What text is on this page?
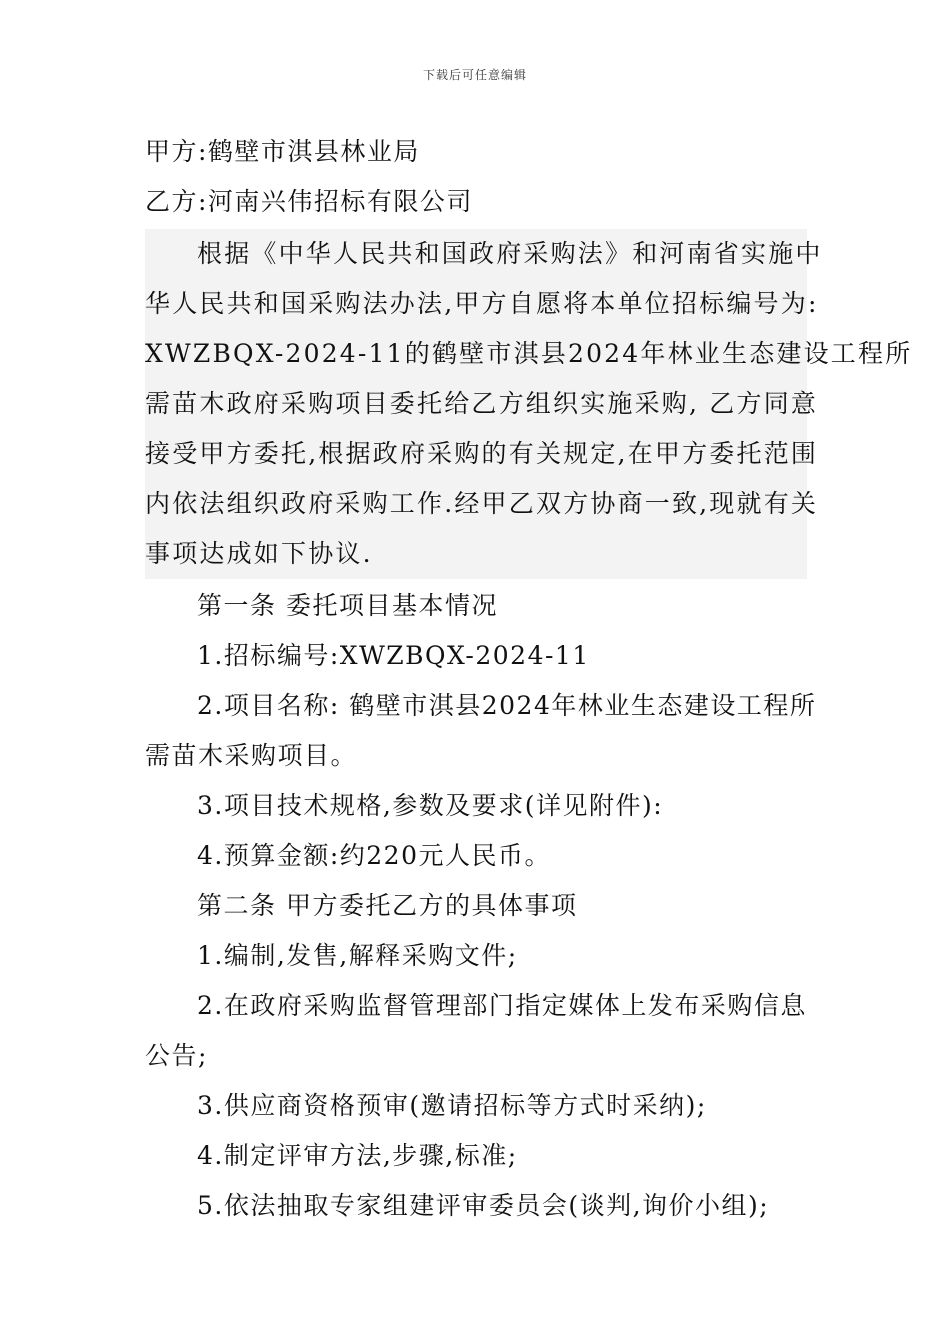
下载后可任意编辑
甲方:鹤壁市淇县林业局
乙方:河南兴伟招标有限公司
根据《中华人民共和国政府采购法》和河南省实施中
华人民共和国采购法办法,甲方自愿将本单位招标编号为:
XWZBQX-2024-11的鹤壁市淇县2024年林业生态建设工程所
需苗木政府采购项目委托给乙方组织实施采购, 乙方同意
接受甲方委托,根据政府采购的有关规定,在甲方委托范围
内依法组织政府采购工作.经甲乙双方协商一致,现就有关
事项达成如下协议.
第一条 委托项目基本情况
1.招标编号:XWZBQX-2024-11
2.项目名称: 鹤壁市淇县2024年林业生态建设工程所
需苗木采购项目。
3.项目技术规格,参数及要求(详见附件):
4.预算金额:约220元人民币。
第二条 甲方委托乙方的具体事项
1.编制,发售,解释采购文件;
2.在政府采购监督管理部门指定媒体上发布采购信息
公告;
3.供应商资格预审(邀请招标等方式时采纳);
4.制定评审方法,步骤,标准;
5.依法抽取专家组建评审委员会(谈判,询价小组);
